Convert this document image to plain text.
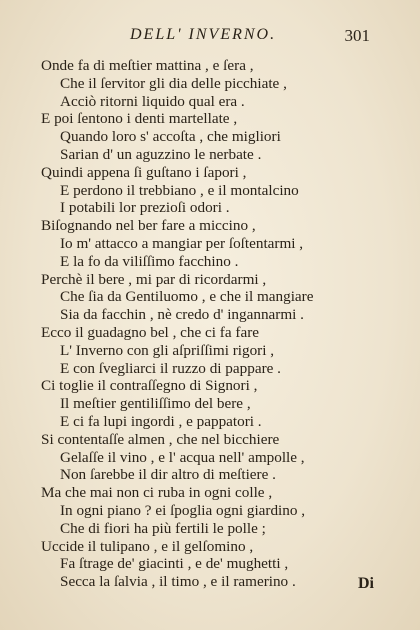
DELL' INVERNO.	301
Onde fa di meſtier mattina , e ſera ,
Che il ſervitor gli dia delle picchiate ,
Acciò ritorni liquido qual era .
E poi ſentono i denti martellate ,
Quando loro s' accoſta , che migliori
Sarian d' un aguzzino le nerbate .
Quindi appena ſi guſtano i ſapori ,
E perdono il trebbiano , e il montalcino
I potabili lor prezioſi odori .
Biſognando nel ber fare a miccino ,
Io m' attacco a mangiar per ſoſtentarmi ,
E la fo da viliſſimo facchino .
Perchè il bere , mi par di ricordarmi ,
Che ſia da Gentiluomo , e che il mangiare
Sia da facchin , nè credo d' ingannarmi .
Ecco il guadagno bel , che ci fa fare
L' Inverno con gli aſpriſſimi rigori ,
E con ſvegliarci il ruzzo di pappare .
Ci toglie il contraſſegno di Signori ,
Il meſtier gentiliſſimo del bere ,
E ci fa lupi ingordi , e pappatori .
Si contentaſſe almen , che nel bicchiere
Gelaſſe il vino , e l' acqua nell' ampolle ,
Non ſarebbe il dir altro di meſtiere .
Ma che mai non ci ruba in ogni colle ,
In ogni piano ? ei ſpoglia ogni giardino ,
Che di fiori ha più fertili le polle ;
Uccide il tulipano , e il gelſomino ,
Fa ſtrage de' giacinti , e de' mughetti ,
Secca la ſalvia , il timo , e il ramerino .	Di
